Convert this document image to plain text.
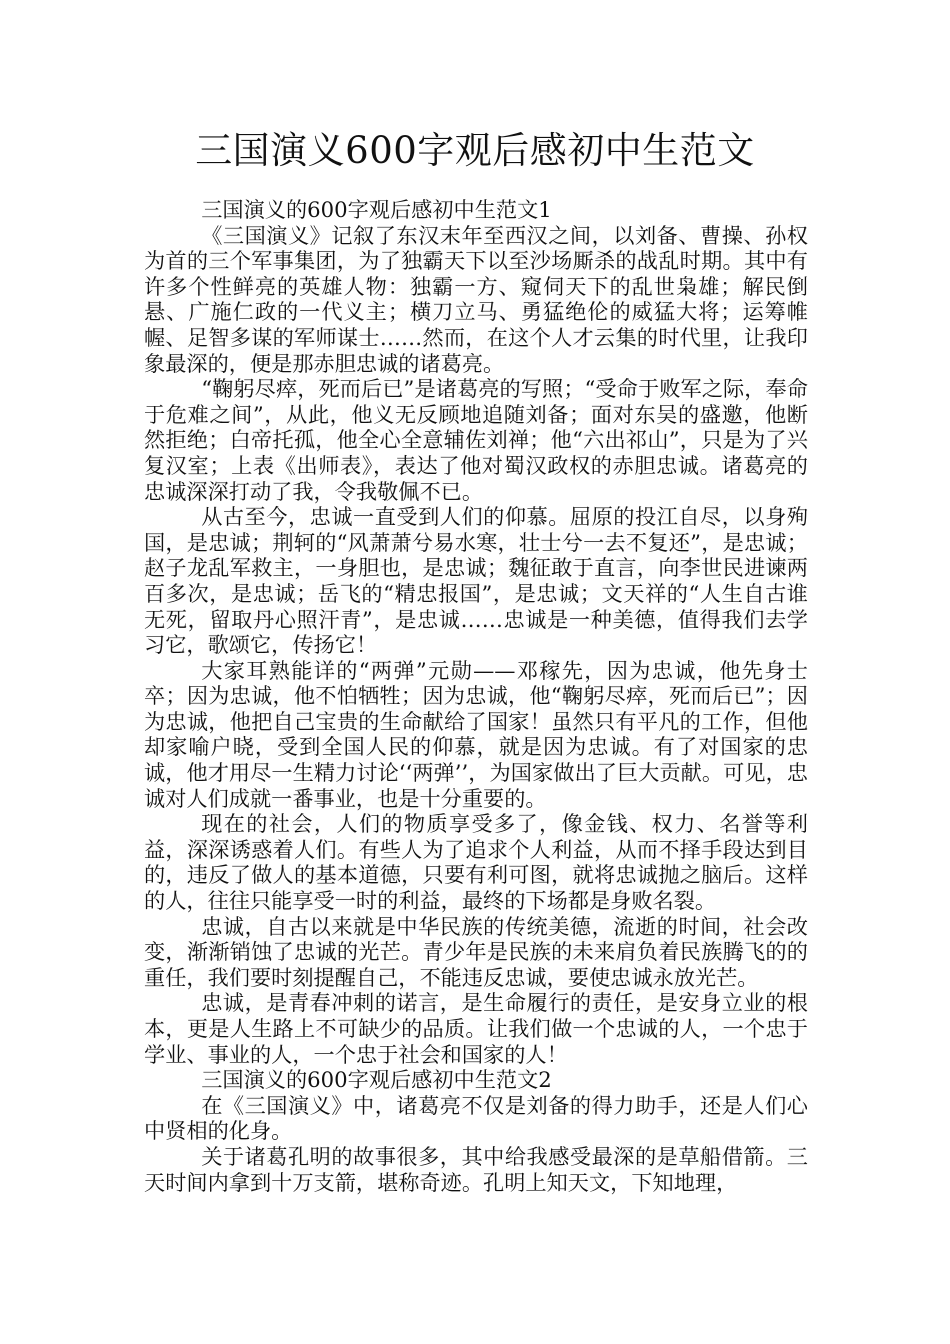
三国演义600字观后感初中生范文

三国演义的600字观后感初中生范文1

《三国演义》记叙了东汉末年至西汉之间，以刘备、曹操、孙权为首的三个军事集团，为了独霸天下以至沙场厮杀的战乱时期。其中有许多个性鲜亮的英雄人物：独霸一方、窥伺天下的乱世枭雄；解民倒悬、广施仁政的一代义主；横刀立马、勇猛绝伦的威猛大将；运筹帷幄、足智多谋的军师谋士……然而，在这个人才云集的时代里，让我印象最深的，便是那赤胆忠诚的诸葛亮。

“鞠躬尽瘁，死而后已”是诸葛亮的写照；“受命于败军之际，奉命于危难之间”，从此，他义无反顾地追随刘备；面对东吴的盛邀，他断然拒绝；白帝托孤，他全心全意辅佐刘禅；他“六出祁山”，只是为了兴复汉室；上表《出师表》，表达了他对蜀汉政权的赤胆忠诚。诸葛亮的忠诚深深打动了我，令我敬佩不已。

从古至今，忠诚一直受到人们的仰慕。屈原的投江自尽，以身殉国，是忠诚；荆轲的“风萧萧兮易水寒，壮士兮一去不复还”，是忠诚；赵子龙乱军救主，一身胆也，是忠诚；魏征敢于直言，向李世民进谏两百多次，是忠诚；岳飞的“精忠报国”，是忠诚；文天祥的“人生自古谁无死，留取丹心照汗青”，是忠诚……忠诚是一种美德，值得我们去学习它，歌颂它，传扬它！

大家耳熟能详的“两弹”元勋——邓稼先，因为忠诚，他先身士卒；因为忠诚，他不怕牺牲；因为忠诚，他“鞠躬尽瘁，死而后已”；因为忠诚，他把自己宝贵的生命献给了国家！虽然只有平凡的工作，但他却家喻户晓，受到全国人民的仰慕，就是因为忠诚。有了对国家的忠诚，他才用尽一生精力讨论‘‘两弹’’，为国家做出了巨大贡献。可见，忠诚对人们成就一番事业，也是十分重要的。

现在的社会，人们的物质享受多了，像金钱、权力、名誉等利益，深深诱惑着人们。有些人为了追求个人利益，从而不择手段达到目的，违反了做人的基本道德，只要有利可图，就将忠诚抛之脑后。这样的人，往往只能享受一时的利益，最终的下场都是身败名裂。

忠诚，自古以来就是中华民族的传统美德，流逝的时间，社会改变，渐渐销蚀了忠诚的光芒。青少年是民族的未来肩负着民族腾飞的的重任，我们要时刻提醒自己，不能违反忠诚，要使忠诚永放光芒。

忠诚，是青春冲刺的诺言，是生命履行的责任，是安身立业的根本，更是人生路上不可缺少的品质。让我们做一个忠诚的人，一个忠于学业、事业的人，一个忠于社会和国家的人！

三国演义的600字观后感初中生范文2

在《三国演义》中，诸葛亮不仅是刘备的得力助手，还是人们心中贤相的化身。

关于诸葛孔明的故事很多，其中给我感受最深的是草船借箭。三天时间内拿到十万支箭，堪称奇迹。孔明上知天文，下知地理，
